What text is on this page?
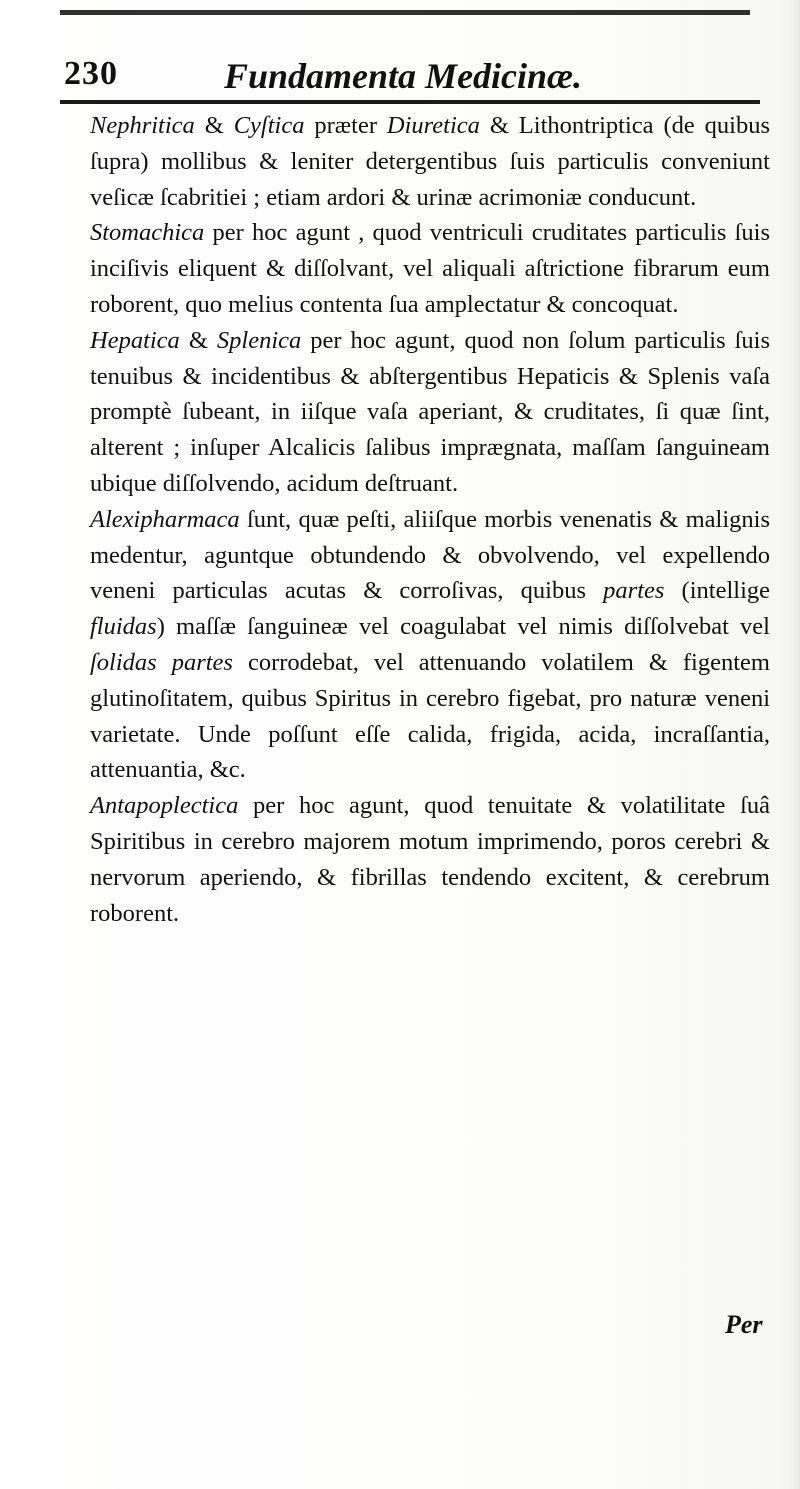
230	Fundamenta Medicinæ.

Nephritica & Cyſtica præter Diuretica & Lithontriptica (de quibus ſupra) mollibus & leniter detergentibus ſuis particulis conveniunt veſicæ ſcabritiei ; etiam ardori & urinæ acrimoniæ conducunt.

Stomachica per hoc agunt , quod ventriculi cruditates particulis ſuis inciſivis eliquent & diſſolvant, vel aliquali aſtrictione fibrarum eum roborent, quo melius contenta ſua amplectatur & concoquat.

Hepatica & Splenica per hoc agunt, quod non ſolum particulis ſuis tenuibus & incidentibus & abſtergentibus Hepaticis & Splenis vaſa promptè ſubeant, in iiſque vaſa aperiant, & cruditates, ſi quæ ſint, alterent ; inſuper Alcalicis ſalibus imprægnata, maſſam ſanguineam ubique diſſolvendo, acidum deſtruant.

Alexipharmaca ſunt, quæ peſti, aliiſque morbis venenatis & malignis medentur, aguntque obtundendo & obvolvendo, vel expellendo veneni particulas acutas & corroſivas, quibus partes (intellige fluidas) maſſæ ſanguineæ vel coagulabat vel nimis diſſolvebat vel ſolidas partes corrodebat, vel attenuando volatilem & figentem glutinoſitatem, quibus Spiritus in cerebro figebat, pro naturæ veneni varietate. Unde poſſunt eſſe calida, frigida, acida, incraſſantia, attenuantia, &c.

Antapoplectica per hoc agunt, quod tenuitate & volatilitate ſuâ Spiritibus in cerebro majorem motum imprimendo, poros cerebri & nervorum aperiendo, & fibrillas tendendo excitent, & cerebrum roborent.

Per
